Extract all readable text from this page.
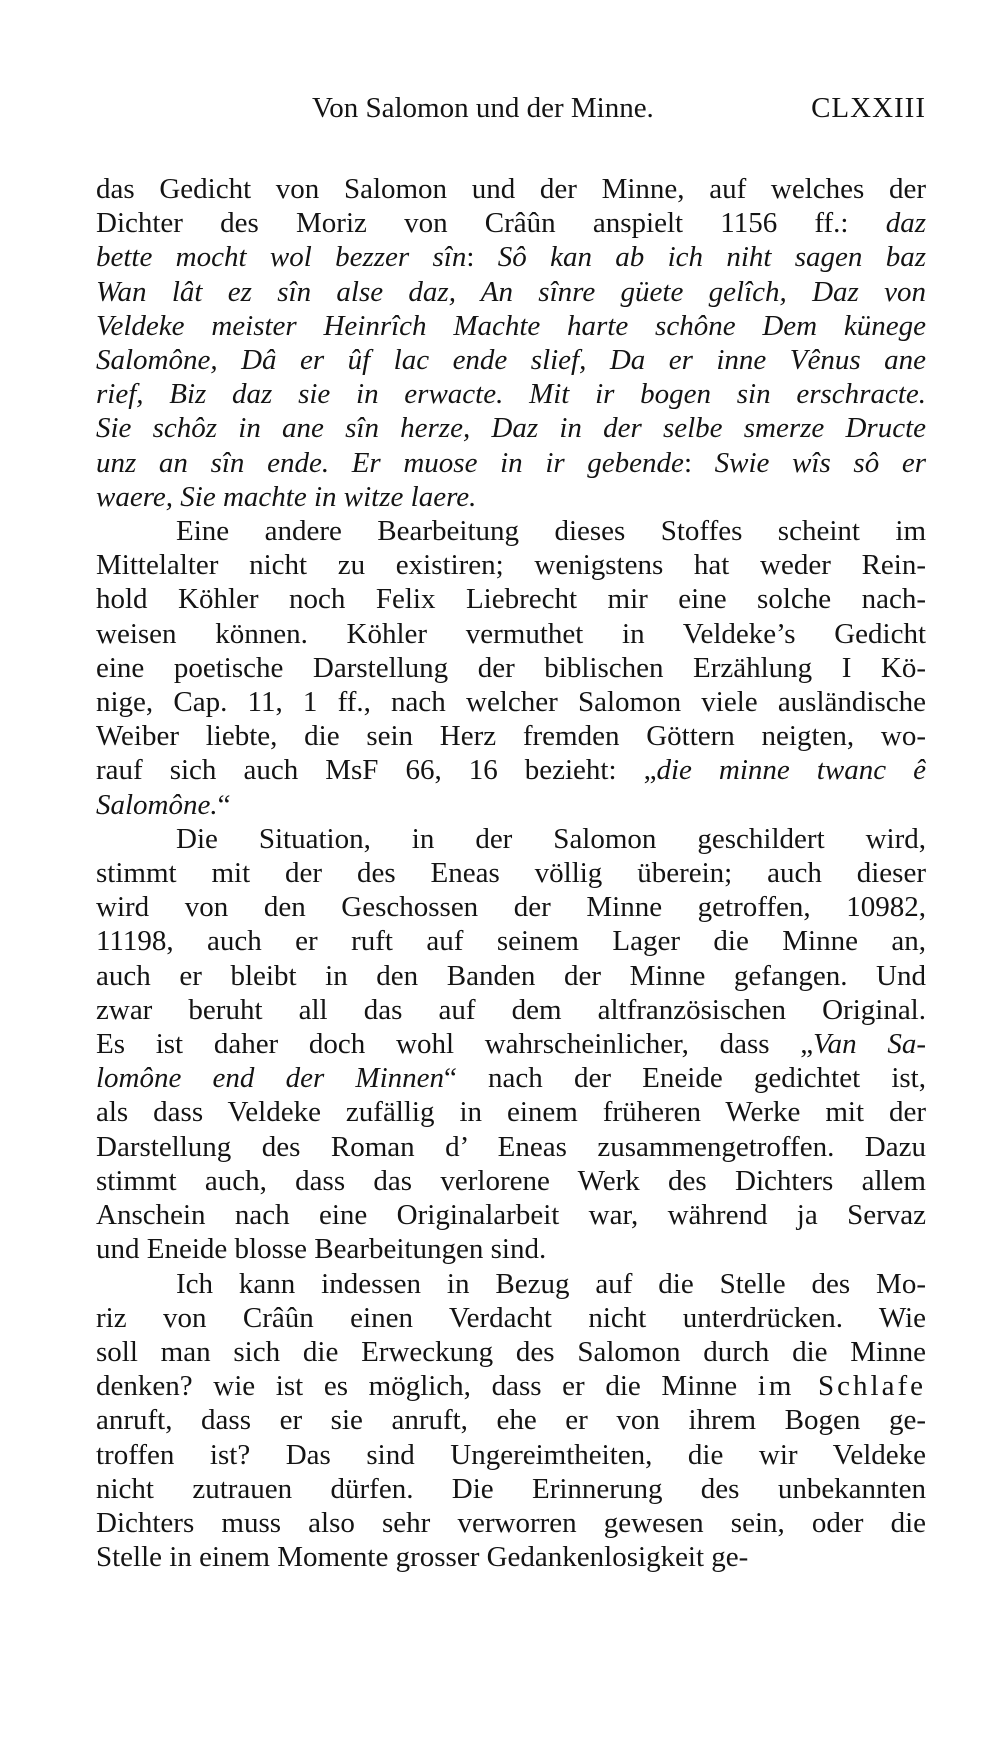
Von Salomon und der Minne.	CLXXIII
das Gedicht von Salomon und der Minne, auf welches der
Dichter des Moriz von Crâûn anspielt 1156 ff.: daz
bette mocht wol bezzer sîn: Sô kan ab ich niht sagen baz
Wan lât ez sîn alse daz, An sînre güete gelîch, Daz von
Veldeke meister Heinrîch Machte harte schône Dem künege
Salomône, Dâ er ûf lac ende slief, Da er inne Vênus ane
rief, Biz daz sie in erwacte. Mit ir bogen sin erschracte.
Sie schôz in ane sîn herze, Daz in der selbe smerze Dructe
unz an sîn ende. Er muose in ir gebende: Swie wîs sô er
waere, Sie machte in witze laere.
Eine andere Bearbeitung dieses Stoffes scheint im
Mittelalter nicht zu existiren; wenigstens hat weder Rein-
hold Köhler noch Felix Liebrecht mir eine solche nach-
weisen können. Köhler vermuthet in Veldeke’s Gedicht
eine poetische Darstellung der biblischen Erzählung I Kö-
nige, Cap. 11, 1 ff., nach welcher Salomon viele ausländische
Weiber liebte, die sein Herz fremden Göttern neigten, wo-
rauf sich auch MsF 66, 16 bezieht: „die minne twanc ê
Salomône.“
Die Situation, in der Salomon geschildert wird,
stimmt mit der des Eneas völlig überein; auch dieser
wird von den Geschossen der Minne getroffen, 10982,
11198, auch er ruft auf seinem Lager die Minne an,
auch er bleibt in den Banden der Minne gefangen. Und
zwar beruht all das auf dem altfranzösischen Original.
Es ist daher doch wohl wahrscheinlicher, dass „Van Sa-
lomône end der Minnen“ nach der Eneide gedichtet ist,
als dass Veldeke zufällig in einem früheren Werke mit der
Darstellung des Roman d’ Eneas zusammengetroffen. Dazu
stimmt auch, dass das verlorene Werk des Dichters allem
Anschein nach eine Originalarbeit war, während ja Servaz
und Eneide blosse Bearbeitungen sind.
Ich kann indessen in Bezug auf die Stelle des Mo-
riz von Crâûn einen Verdacht nicht unterdrücken. Wie
soll man sich die Erweckung des Salomon durch die Minne
denken? wie ist es möglich, dass er die Minne im Schlafe
anruft, dass er sie anruft, ehe er von ihrem Bogen ge-
troffen ist? Das sind Ungereimtheiten, die wir Veldeke
nicht zutrauen dürfen. Die Erinnerung des unbekannten
Dichters muss also sehr verworren gewesen sein, oder die
Stelle in einem Momente grosser Gedankenlosigkeit ge-
